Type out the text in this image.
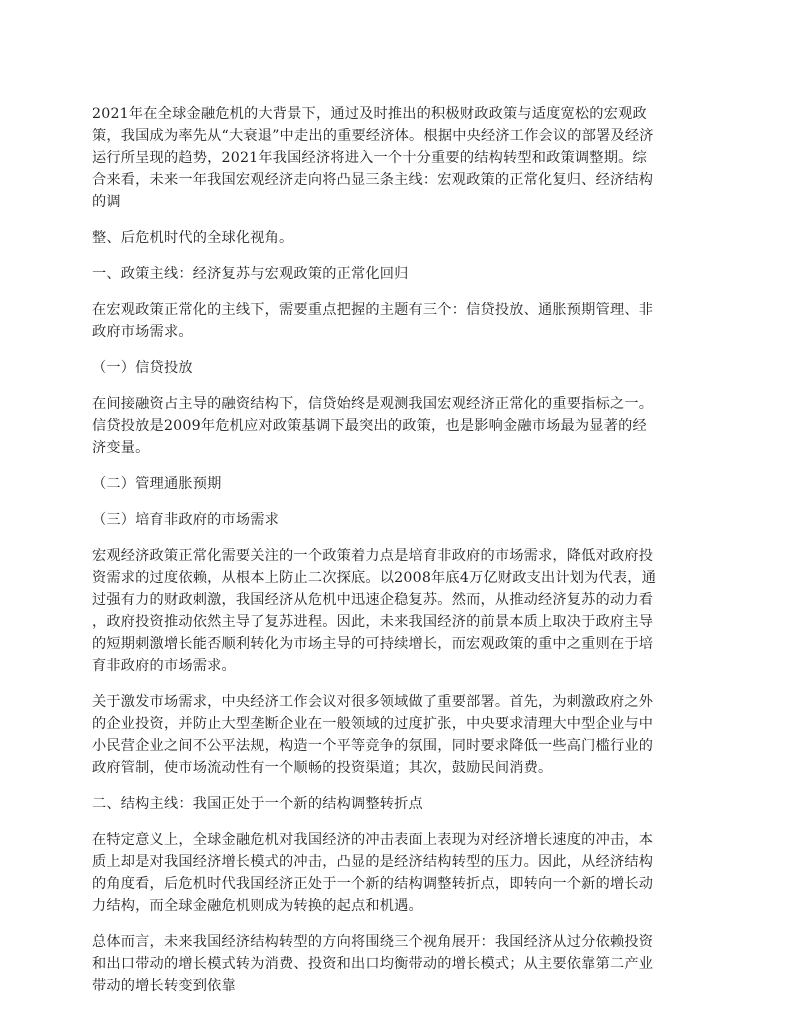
2021年在全球金融危机的大背景下，通过及时推出的积极财政政策与适度宽松的宏观政
策，我国成为率先从“大衰退”中走出的重要经济体。根据中央经济工作会议的部署及经济
运行所呈现的趋势，2021年我国经济将进入一个十分重要的结构转型和政策调整期。综
合来看，未来一年我国宏观经济走向将凸显三条主线：宏观政策的正常化复归、经济结构
的调

整、后危机时代的全球化视角。

一、政策主线：经济复苏与宏观政策的正常化回归

在宏观政策正常化的主线下，需要重点把握的主题有三个：信贷投放、通胀预期管理、非
政府市场需求。

（一）信贷投放

在间接融资占主导的融资结构下，信贷始终是观测我国宏观经济正常化的重要指标之一。
信贷投放是2009年危机应对政策基调下最突出的政策，也是影响金融市场最为显著的经
济变量。

（二）管理通胀预期

（三）培育非政府的市场需求

宏观经济政策正常化需要关注的一个政策着力点是培育非政府的市场需求，降低对政府投
资需求的过度依赖，从根本上防止二次探底。以2008年底4万亿财政支出计划为代表，通
过强有力的财政刺激，我国经济从危机中迅速企稳复苏。然而，从推动经济复苏的动力看
，政府投资推动依然主导了复苏进程。因此，未来我国经济的前景本质上取决于政府主导
的短期刺激增长能否顺利转化为市场主导的可持续增长，而宏观政策的重中之重则在于培
育非政府的市场需求。

关于激发市场需求，中央经济工作会议对很多领域做了重要部署。首先，为刺激政府之外
的企业投资，并防止大型垄断企业在一般领域的过度扩张，中央要求清理大中型企业与中
小民营企业之间不公平法规，构造一个平等竞争的氛围，同时要求降低一些高门槛行业的
政府管制，使市场流动性有一个顺畅的投资渠道；其次，鼓励民间消费。

二、结构主线：我国正处于一个新的结构调整转折点

在特定意义上，全球金融危机对我国经济的冲击表面上表现为对经济增长速度的冲击，本
质上却是对我国经济增长模式的冲击，凸显的是经济结构转型的压力。因此，从经济结构
的角度看，后危机时代我国经济正处于一个新的结构调整转折点，即转向一个新的增长动
力结构，而全球金融危机则成为转换的起点和机遇。

总体而言，未来我国经济结构转型的方向将围绕三个视角展开：我国经济从过分依赖投资
和出口带动的增长模式转为消费、投资和出口均衡带动的增长模式；从主要依靠第二产业
带动的增长转变到依靠
